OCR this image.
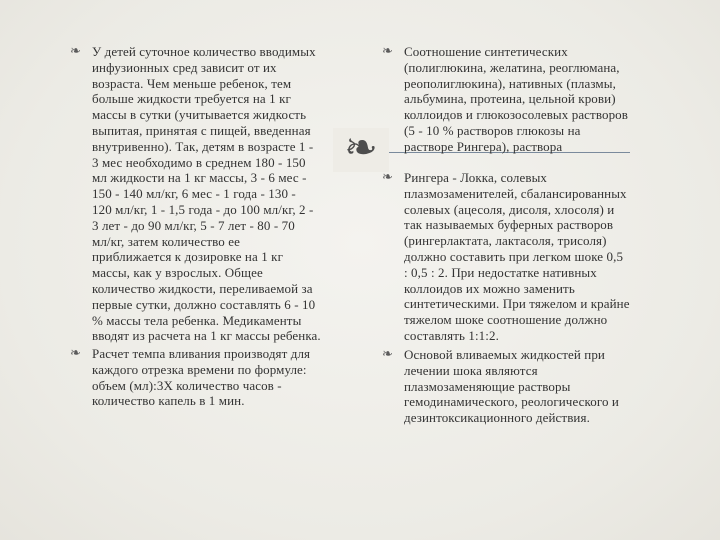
❧
❧ У детей суточное количество вводимых
инфузионных сред зависит от их
возраста. Чем меньше ребенок, тем
больше жидкости требуется на 1 кг
массы в сутки (учитывается жидкость
выпитая, принятая с пищей, введенная
внутривенно). Так, детям в возрасте 1 -
3 мес необходимо в среднем 180 - 150
мл жидкости на 1 кг массы, 3 - 6 мес -
150 - 140 мл/кг, 6 мес - 1 года - 130 -
120 мл/кг, 1 - 1,5 года - до 100 мл/кг, 2 -
3 лет - до 90 мл/кг, 5 - 7 лет - 80 - 70
мл/кг, затем количество ее
приближается к дозировке на 1 кг
массы, как у взрослых. Общее
количество жидкости, переливаемой за
первые сутки, должно составлять 6 - 10
% массы тела ребенка. Медикаменты
вводят из расчета на 1 кг массы ребенка.
❧ Расчет темпа вливания производят для
каждого отрезка времени по формуле:
объем (мл):3Х количество часов -
количество капель в 1 мин.
❧ Соотношение синтетических
(полиглюкина, желатина, реоглюмана,
реополиглюкина), нативных (плазмы,
альбумина, протеина, цельной крови)
коллоидов и глюкозосолевых растворов
(5 - 10 % растворов глюкозы на
растворе Рингера), раствора
❧ Рингера - Локка, солевых
плазмозаменителей, сбалансированных
солевых (ацесоля, дисоля, хлосоля) и
так называемых буферных растворов
(рингерлактата, лактасоля, трисоля)
должно составить при легком шоке 0,5
: 0,5 : 2. При недостатке нативных
коллоидов их можно заменить
синтетическими. При тяжелом и крайне
тяжелом шоке соотношение должно
составлять 1:1:2.
❧ Основой вливаемых жидкостей при
лечении шока являются
плазмозаменяющие растворы
гемодинамического, реологического и
дезинтоксикационного действия.
